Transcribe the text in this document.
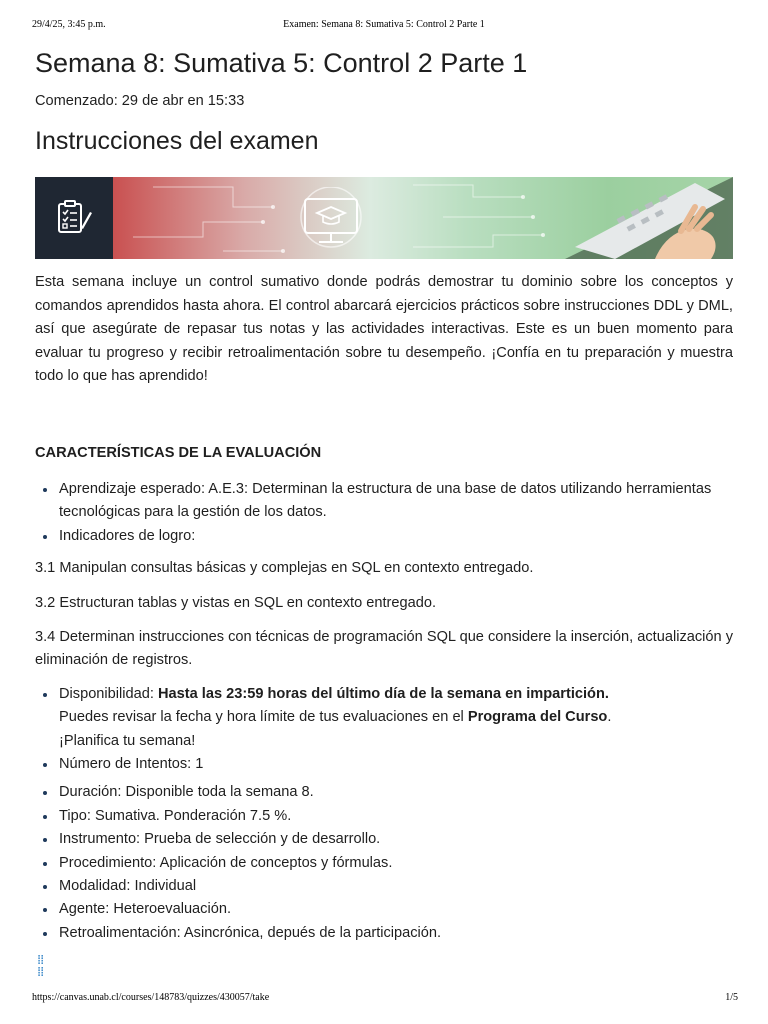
29/4/25, 3:45 p.m.	Examen: Semana 8: Sumativa 5: Control 2 Parte 1
Semana 8: Sumativa 5: Control 2 Parte 1

Comenzado: 29 de abr en 15:33

Instrucciones del examen

Esta semana incluye un control sumativo donde podrás demostrar tu dominio sobre los conceptos y comandos aprendidos hasta ahora. El control abarcará ejercicios prácticos sobre instrucciones DDL y DML, así que asegúrate de repasar tus notas y las actividades interactivas. Este es un buen momento para evaluar tu progreso y recibir retroalimentación sobre tu desempeño. ¡Confía en tu preparación y muestra todo lo que has aprendido!

CARACTERÍSTICAS DE LA EVALUACIÓN

Aprendizaje esperado: A.E.3: Determinan la estructura de una base de datos utilizando herramientas tecnológicas para la gestión de los datos.
Indicadores de logro:

3.1 Manipulan consultas básicas y complejas en SQL en contexto entregado.

3.2 Estructuran tablas y vistas en SQL en contexto entregado.

3.4 Determinan instrucciones con técnicas de programación SQL que considere la inserción, actualización y eliminación de registros.

Disponibilidad: Hasta las 23:59 horas del último día de la semana en impartición.
Puedes revisar la fecha y hora límite de tus evaluaciones en el Programa del Curso.
¡Planifica tu semana!
Número de Intentos: 1
Duración: Disponible toda la semana 8.
Tipo: Sumativa. Ponderación 7.5 %.
Instrumento: Prueba de selección y de desarrollo.
Procedimiento: Aplicación de conceptos y fórmulas.
Modalidad: Individual
Agente: Heteroevaluación.
Retroalimentación: Asincrónica, depués de la participación.
⁞⁞
⁞⁞
https://canvas.unab.cl/courses/148783/quizzes/430057/take	1/5
